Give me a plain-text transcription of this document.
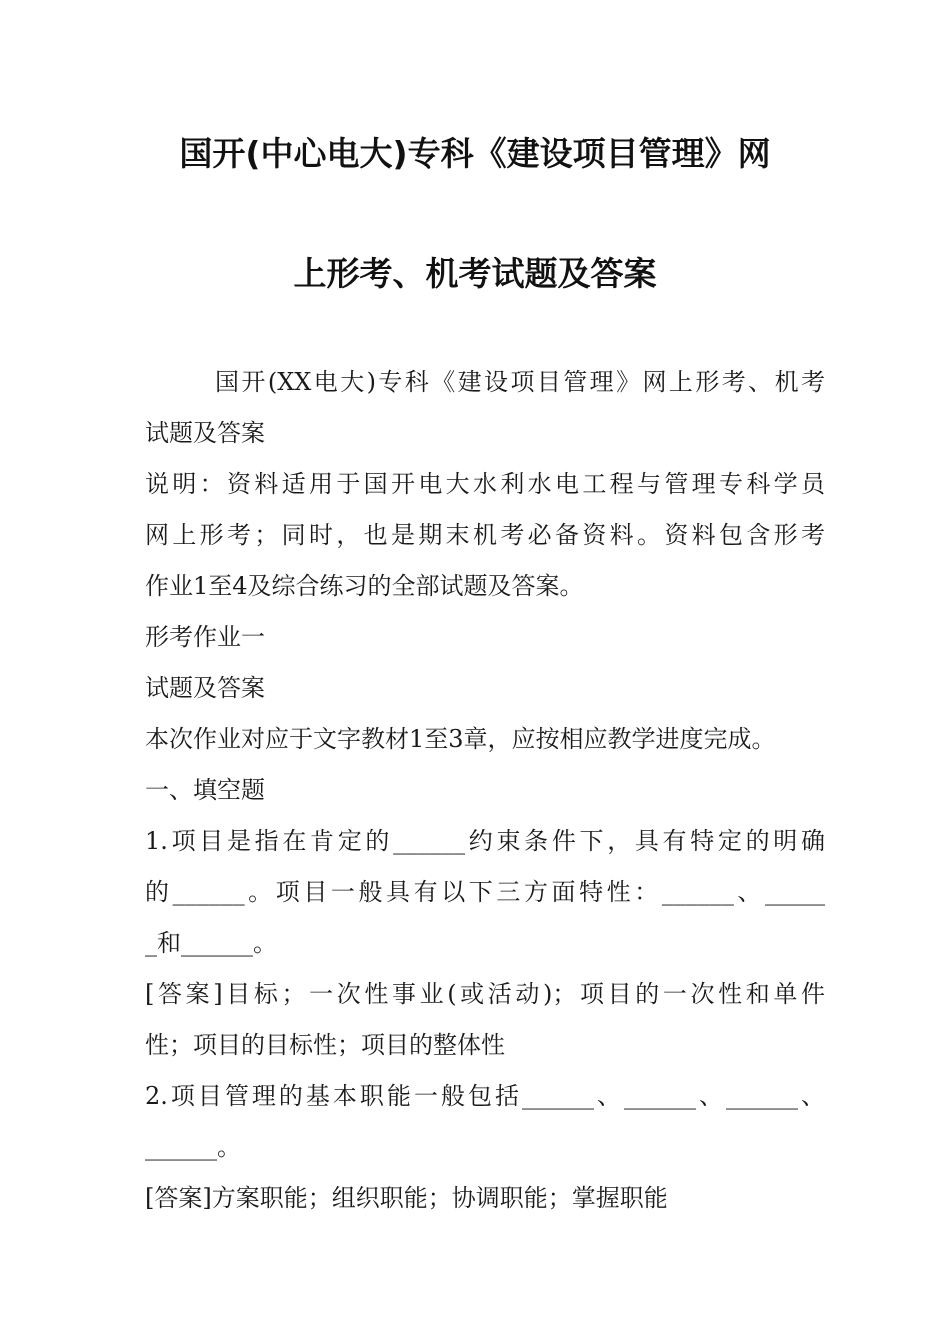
国开(中心电大)专科《建设项目管理》网
上形考、机考试题及答案
国开(XX电大)专科《建设项目管理》网上形考、机考
试题及答案
说明：资料适用于国开电大水利水电工程与管理专科学员
网上形考；同时，也是期末机考必备资料。资料包含形考
作业1至4及综合练习的全部试题及答案。
形考作业一
试题及答案
本次作业对应于文字教材1至3章，应按相应教学进度完成。
一、填空题
1.项目是指在肯定的______约束条件下，具有特定的明确
的______。项目一般具有以下三方面特性：______、_____
_和______。
[答案]目标；一次性事业(或活动)；项目的一次性和单件
性；项目的目标性；项目的整体性
2.项目管理的基本职能一般包括______、______、______、
______。
[答案]方案职能；组织职能；协调职能；掌握职能
